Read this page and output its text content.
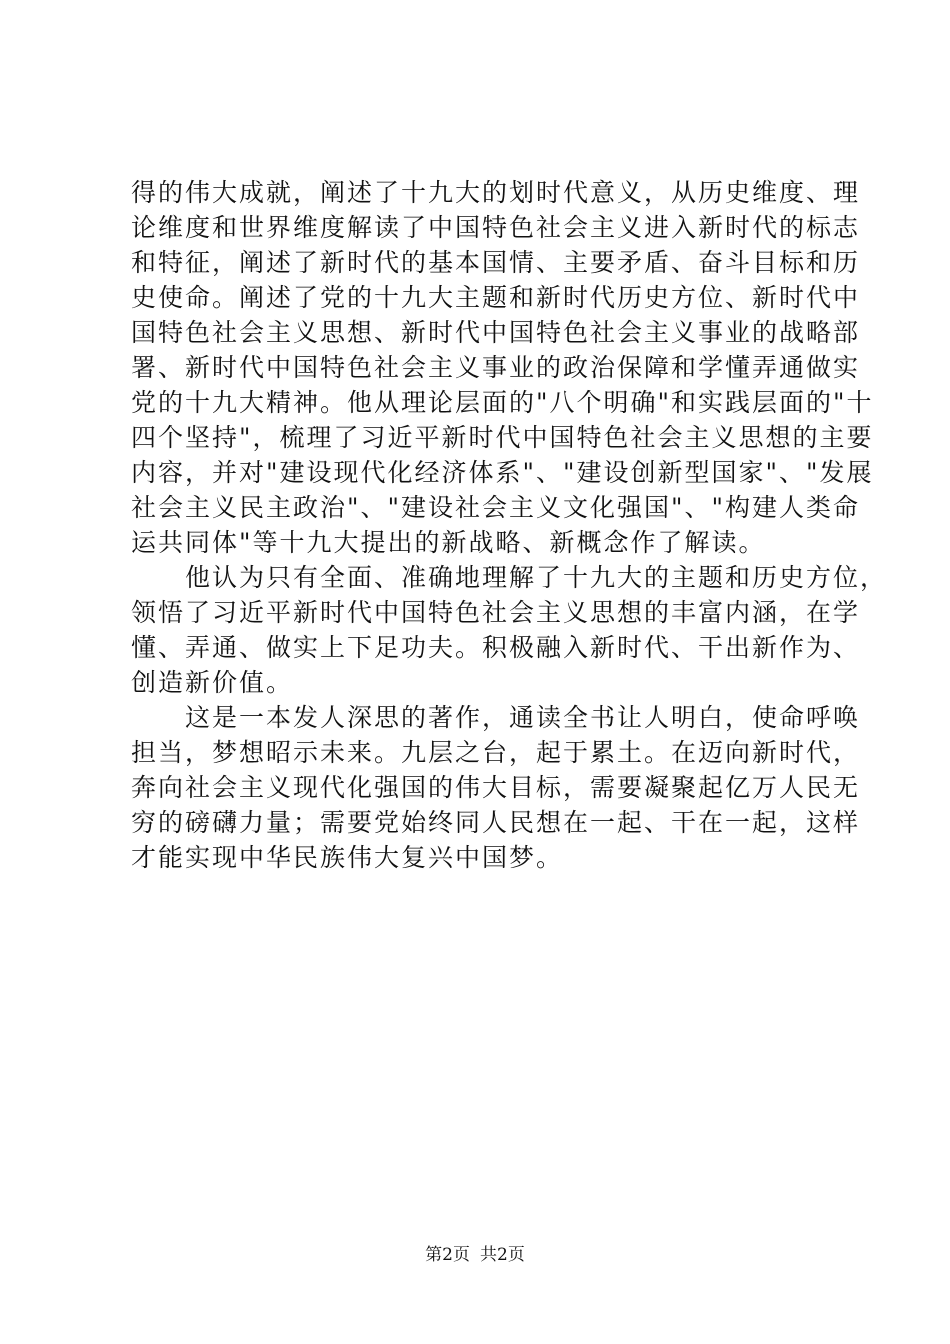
得的伟大成就，阐述了十九大的划时代意义，从历史维度、理
论维度和世界维度解读了中国特色社会主义进入新时代的标志
和特征，阐述了新时代的基本国情、主要矛盾、奋斗目标和历
史使命。阐述了党的十九大主题和新时代历史方位、新时代中
国特色社会主义思想、新时代中国特色社会主义事业的战略部
署、新时代中国特色社会主义事业的政治保障和学懂弄通做实
党的十九大精神。他从理论层面的"八个明确"和实践层面的"十
四个坚持"，梳理了习近平新时代中国特色社会主义思想的主要
内容，并对"建设现代化经济体系"、"建设创新型国家"、"发展
社会主义民主政治"、"建设社会主义文化强国"、"构建人类命
运共同体"等十九大提出的新战略、新概念作了解读。

他认为只有全面、准确地理解了十九大的主题和历史方位，
领悟了习近平新时代中国特色社会主义思想的丰富内涵，在学
懂、弄通、做实上下足功夫。积极融入新时代、干出新作为、
创造新价值。

这是一本发人深思的著作，通读全书让人明白，使命呼唤
担当，梦想昭示未来。九层之台，起于累土。在迈向新时代，
奔向社会主义现代化强国的伟大目标，需要凝聚起亿万人民无
穷的磅礴力量；需要党始终同人民想在一起、干在一起，这样
才能实现中华民族伟大复兴中国梦。

第2页 共2页
